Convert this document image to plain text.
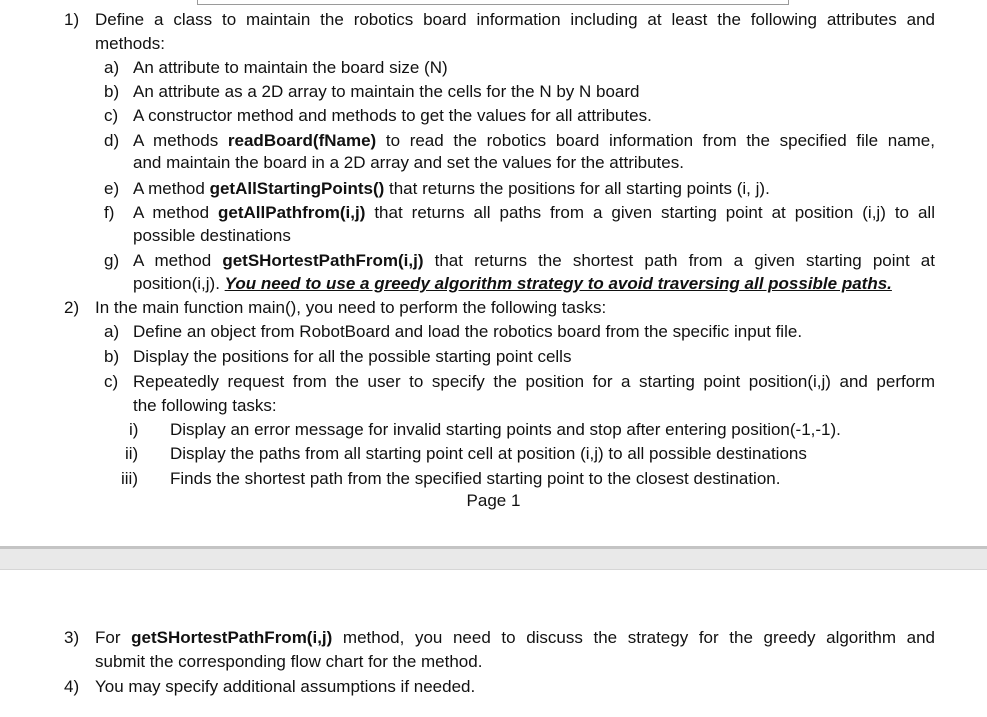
1) Define a class to maintain the robotics board information including at least the following attributes and
methods:
a) An attribute to maintain the board size (N)
b) An attribute as a 2D array to maintain the cells for the N by N board
c) A constructor method and methods to get the values for all attributes.
d) A methods readBoard(fName) to read the robotics board information from the specified file name,
and maintain the board in a 2D array and set the values for the attributes.
e) A method getAllStartingPoints() that returns the positions for all starting points (i, j).
f) A method getAllPathfrom(i,j) that returns all paths from a given starting point at position (i,j) to all
possible destinations
g) A method getSHortestPathFrom(i,j) that returns the shortest path from a given starting point at
position(i,j). You need to use a greedy algorithm strategy to avoid traversing all possible paths.
2) In the main function main(), you need to perform the following tasks:
a) Define an object from RobotBoard and load the robotics board from the specific input file.
b) Display the positions for all the possible starting point cells
c) Repeatedly request from the user to specify the position for a starting point position(i,j) and perform
the following tasks:
i) Display an error message for invalid starting points and stop after entering position(-1,-1).
ii) Display the paths from all starting point cell at position (i,j) to all possible destinations
iii) Finds the shortest path from the specified starting point to the closest destination.
Page 1
3) For getSHortestPathFrom(i,j) method, you need to discuss the strategy for the greedy algorithm and
submit the corresponding flow chart for the method.
4) You may specify additional assumptions if needed.
